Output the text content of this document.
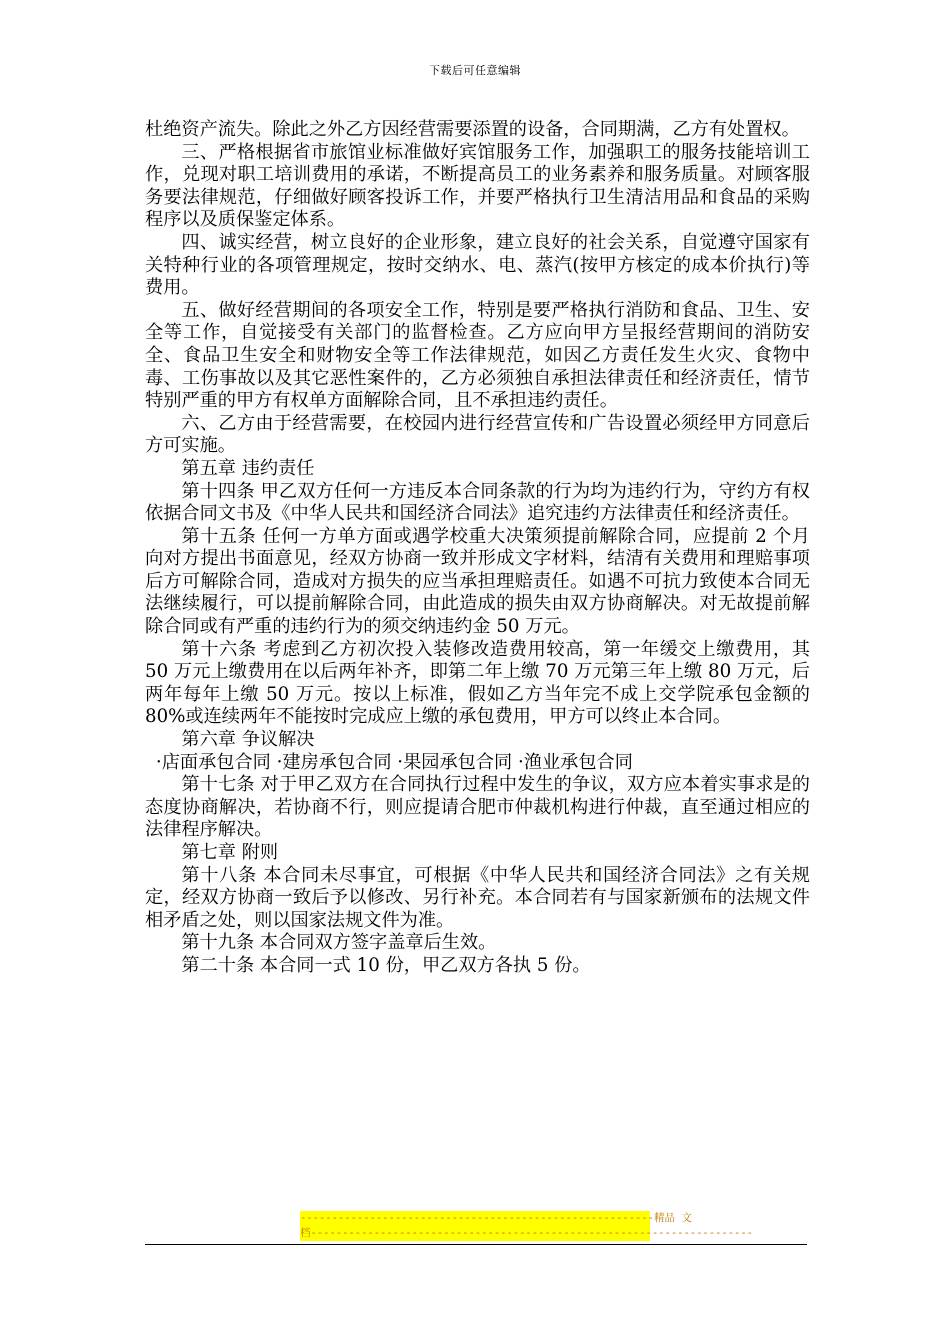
下载后可任意编辑

杜绝资产流失。除此之外乙方因经营需要添置的设备，合同期满，乙方有处置权。

三、严格根据省市旅馆业标准做好宾馆服务工作，加强职工的服务技能培训工作，兑现对职工培训费用的承诺，不断提高员工的业务素养和服务质量。对顾客服务要法律规范，仔细做好顾客投诉工作，并要严格执行卫生清洁用品和食品的采购程序以及质保鉴定体系。

四、诚实经营，树立良好的企业形象，建立良好的社会关系，自觉遵守国家有关特种行业的各项管理规定，按时交纳水、电、蒸汽(按甲方核定的成本价执行)等费用。

五、做好经营期间的各项安全工作，特别是要严格执行消防和食品、卫生、安全等工作，自觉接受有关部门的监督检查。乙方应向甲方呈报经营期间的消防安全、食品卫生安全和财物安全等工作法律规范，如因乙方责任发生火灾、食物中毒、工伤事故以及其它恶性案件的，乙方必须独自承担法律责任和经济责任，情节特别严重的甲方有权单方面解除合同，且不承担违约责任。

六、乙方由于经营需要，在校园内进行经营宣传和广告设置必须经甲方同意后方可实施。

第五章 违约责任

第十四条 甲乙双方任何一方违反本合同条款的行为均为违约行为，守约方有权依据合同文书及《中华人民共和国经济合同法》追究违约方法律责任和经济责任。

第十五条 任何一方单方面或遇学校重大决策须提前解除合同，应提前 2 个月向对方提出书面意见，经双方协商一致并形成文字材料，结清有关费用和理赔事项后方可解除合同，造成对方损失的应当承担理赔责任。如遇不可抗力致使本合同无法继续履行，可以提前解除合同，由此造成的损失由双方协商解决。对无故提前解除合同或有严重的违约行为的须交纳违约金 50 万元。

第十六条 考虑到乙方初次投入装修改造费用较高，第一年缓交上缴费用，其 50 万元上缴费用在以后两年补齐，即第二年上缴 70 万元第三年上缴 80 万元，后两年每年上缴 50 万元。按以上标准，假如乙方当年完不成上交学院承包金额的 80%或连续两年不能按时完成应上缴的承包费用，甲方可以终止本合同。

第六章 争议解决

·店面承包合同 ·建房承包合同 ·果园承包合同 ·渔业承包合同

第十七条 对于甲乙双方在合同执行过程中发生的争议，双方应本着实事求是的态度协商解决，若协商不行，则应提请合肥市仲裁机构进行仲裁，直至通过相应的法律程序解决。

第七章 附则

第十八条 本合同未尽事宜，可根据《中华人民共和国经济合同法》之有关规定，经双方协商一致后予以修改、另行补充。本合同若有与国家新颁布的法规文件相矛盾之处，则以国家法规文件为准。

第十九条 本合同双方签字盖章后生效。

第二十条 本合同一式 10 份，甲乙双方各执 5 份。

--------------------------------------------------------精品 文
档----------------------------------------------------------------------
